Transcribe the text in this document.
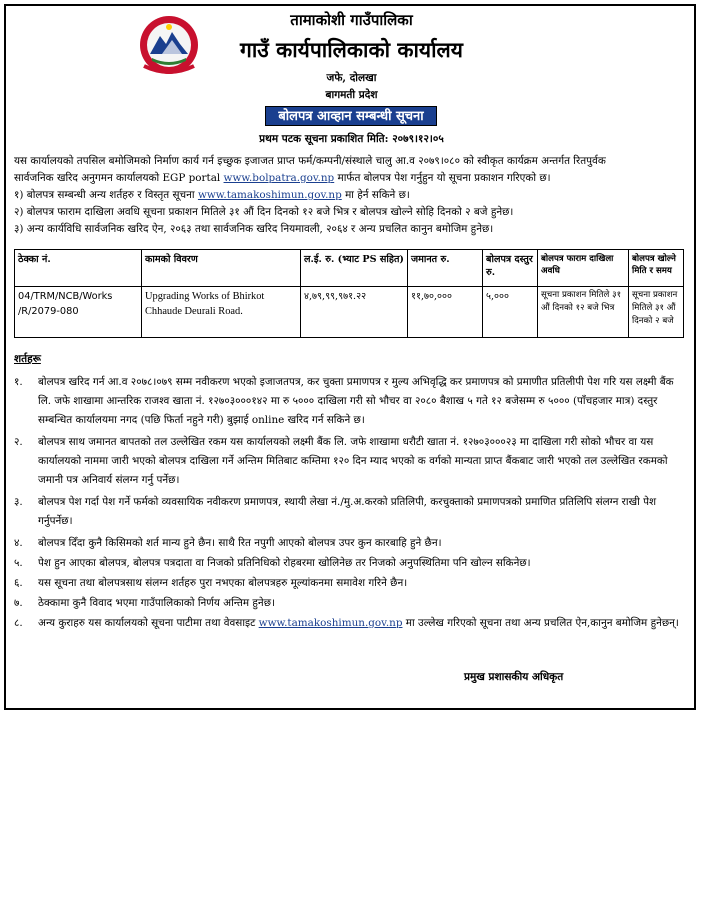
तामाकोशी गाउँपालिका
गाउँ कार्यपालिकाको कार्यालय
जफे, दोलखा
बागमती प्रदेश
बोलपत्र आव्हान सम्बन्धी सूचना
प्रथम पटक सूचना प्रकाशित मिति: २०७९।१२।०५
यस कार्यालयको तपसिल बमोजिमको निर्माण कार्य गर्न इच्छुक इजाजत प्राप्त फर्म/कम्पनी/संस्थाले चालु आ.व २०७९।०८० को स्वीकृत कार्यक्रम अन्तर्गत रितपुर्वक
सार्वजनिक खरिद अनुगमन कार्यालयको EGP portal www.bolpatra.gov.np मार्फत बोलपत्र पेश गर्नुहुन यो सूचना प्रकाशन गरिएको छ।
१) बोलपत्र सम्बन्धी अन्य शर्तहरु र विस्तृत सूचना www.tamakoshimun.gov.np मा हेर्न सकिने छ।
२) बोलपत्र फाराम दाखिला अवधि सूचना प्रकाशन मितिले ३१ औं दिन दिनको १२ बजे भित्र र बोलपत्र खोल्ने सोहि दिनको २ बजे हुनेछ।
३) अन्य कार्यविधि सार्वजनिक खरिद ऐन, २०६३ तथा सार्वजनिक खरिद नियमावली, २०६४ र अन्य प्रचलित कानुन बमोजिम हुनेछ।
ठेक्का नं.	कामको विवरण	ल.ई. रु. (भ्याट PS सहित)	जमानत रु.	बोलपत्र दस्तुर रु.	बोलपत्र फाराम दाखिला अवधि	बोलपत्र खोल्ने मिति र समय
04/TRM/NCB/Works /R/2079-080	Upgrading Works of Bhirkot Chhaude Deurali Road.	४,७९,९९,९७१.२२	११,७०,०००	५,०००	सूचना प्रकाशन मितिले ३१ औं दिनको १२ बजे भित्र	सूचना प्रकाशन मितिले ३१ औं दिनको २ बजे
शर्तहरू
१.	बोलपत्र खरिद गर्न आ.व २०७८।०७९ सम्म नवीकरण भएको इजाजतपत्र, कर चुक्ता प्रमाणपत्र र मुल्य अभिवृद्धि कर प्रमाणपत्र को प्रमाणीत प्रतिलीपी पेश गरि यस लक्ष्मी बैंक लि. जफे शाखामा आन्तरिक राजश्व खाता नं. १२७०३०००१४२ मा रु ५००० दाखिला गरी सो भौचर वा २०८० बैशाख ५ गते १२ बजेसम्म रु ५००० (पाँचहजार मात्र) दस्तुर सम्बन्धित कार्यालयमा नगद (पछि फिर्ता नहुने गरी) बुझाई online खरिद गर्न सकिने छ।
२.	बोलपत्र साथ जमानत बापतको तल उल्लेखित रकम यस कार्यालयको लक्ष्मी बैंक लि. जफे शाखामा धरौटी खाता नं. १२७०३०००२३ मा दाखिला गरी सोको भौचर वा यस कार्यालयको नाममा जारी भएको बोलपत्र दाखिला गर्ने अन्तिम मितिबाट कम्तिमा १२० दिन म्याद भएको क वर्गको मान्यता प्राप्त बैंकबाट जारी भएको तल उल्लेखित रकमको जमानी पत्र अनिवार्य संलग्न गर्नु पर्नेछ।
३.	बोलपत्र पेश गर्दा पेश गर्ने फर्मको व्यवसायिक नवीकरण प्रमाणपत्र, स्थायी लेखा नं./मु.अ.करको प्रतिलिपी, करचुक्ताको प्रमाणपत्रको प्रमाणित प्रतिलिपि संलग्न राखी पेश गर्नुपर्नेछ।
४.	बोलपत्र दिँदा कुनै किसिमको शर्त मान्य हुने छैन। साथै रित नपुगी आएको बोलपत्र उपर कुन कारबाहि हुने छैन।
५.	पेश हुन आएका बोलपत्र, बोलपत्र पत्रदाता वा निजको प्रतिनिधिको रोहबरमा खोलिनेछ तर निजको अनुपस्थितिमा पनि खोल्न सकिनेछ।
६.	यस सूचना तथा बोलपत्रसाथ संलग्न शर्तहरु पुरा नभएका बोलपत्रहरु मूल्यांकनमा समावेश गरिने छैन।
७.	ठेक्कामा कुनै विवाद भएमा गाउँपालिकाको निर्णय अन्तिम हुनेछ।
८.	अन्य कुराहरु यस कार्यालयको सूचना पाटीमा तथा वेवसाइट www.tamakoshimun.gov.np मा उल्लेख गरिएको सूचना तथा अन्य प्रचलित ऐन,कानुन बमोजिम हुनेछन्।
प्रमुख प्रशासकीय अधिकृत
